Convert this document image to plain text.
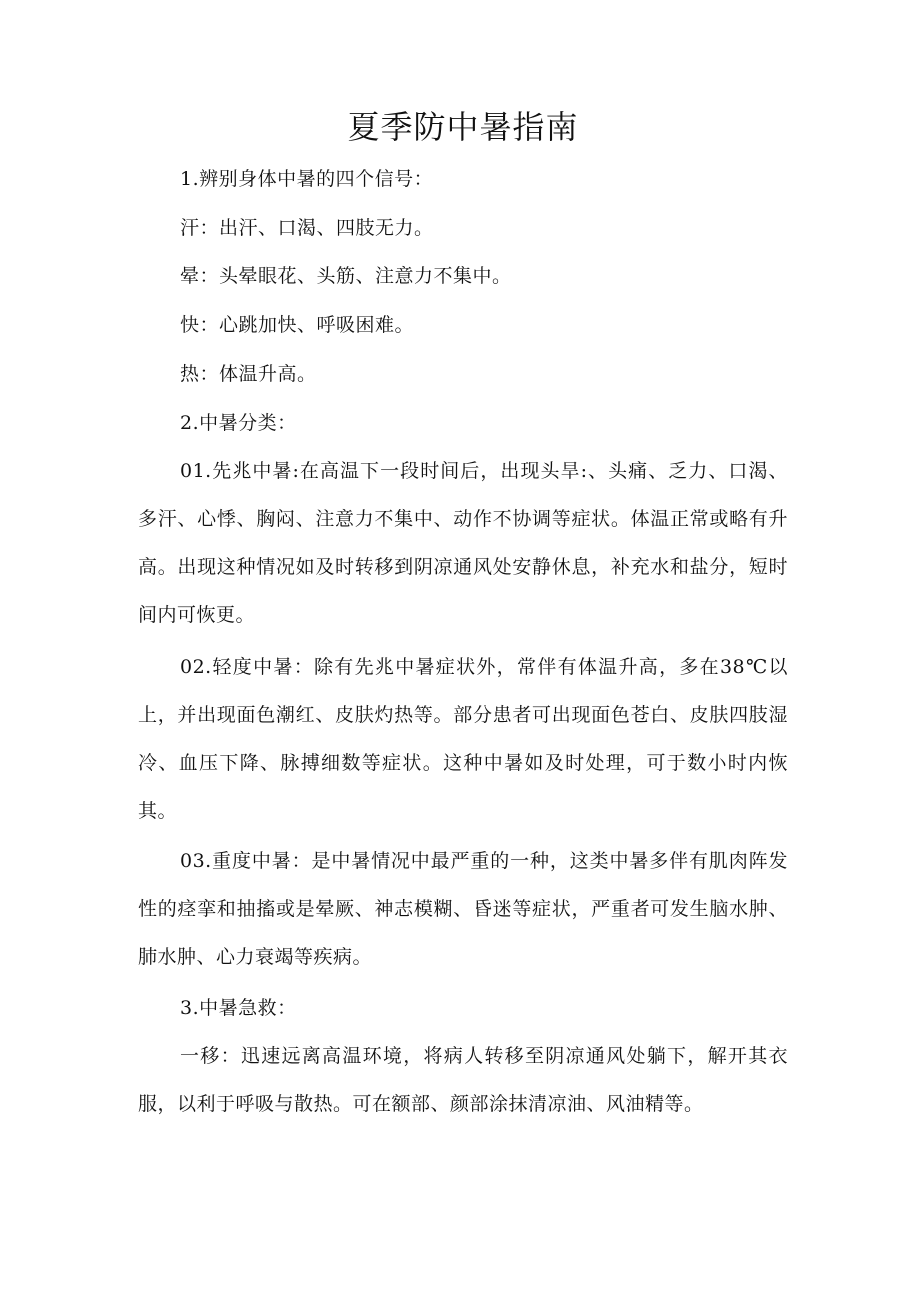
夏季防中暑指南

1.辨别身体中暑的四个信号：

汗：出汗、口渴、四肢无力。

晕：头晕眼花、头筋、注意力不集中。

快：心跳加快、呼吸困难。

热：体温升高。

2.中暑分类：

01.先兆中暑:在高温下一段时间后，出现头旱:、头痛、乏力、口渴、多汗、心悸、胸闷、注意力不集中、动作不协调等症状。体温正常或略有升高。出现这种情况如及时转移到阴凉通风处安静休息，补充水和盐分，短时间内可恢更。

02.轻度中暑：除有先兆中暑症状外，常伴有体温升高，多在38℃以上，并出现面色潮红、皮肤灼热等。部分患者可出现面色苍白、皮肤四肢湿冷、血压下降、脉搏细数等症状。这种中暑如及时处理，可于数小时内恢其。

03.重度中暑：是中暑情况中最严重的一种，这类中暑多伴有肌肉阵发性的痉挛和抽搐或是晕厥、神志模糊、昏迷等症状，严重者可发生脑水肿、肺水肿、心力衰竭等疾病。

3.中暑急救：

一移：迅速远离高温环境，将病人转移至阴凉通风处躺下，解开其衣服，以利于呼吸与散热。可在额部、颜部涂抹清凉油、风油精等。
